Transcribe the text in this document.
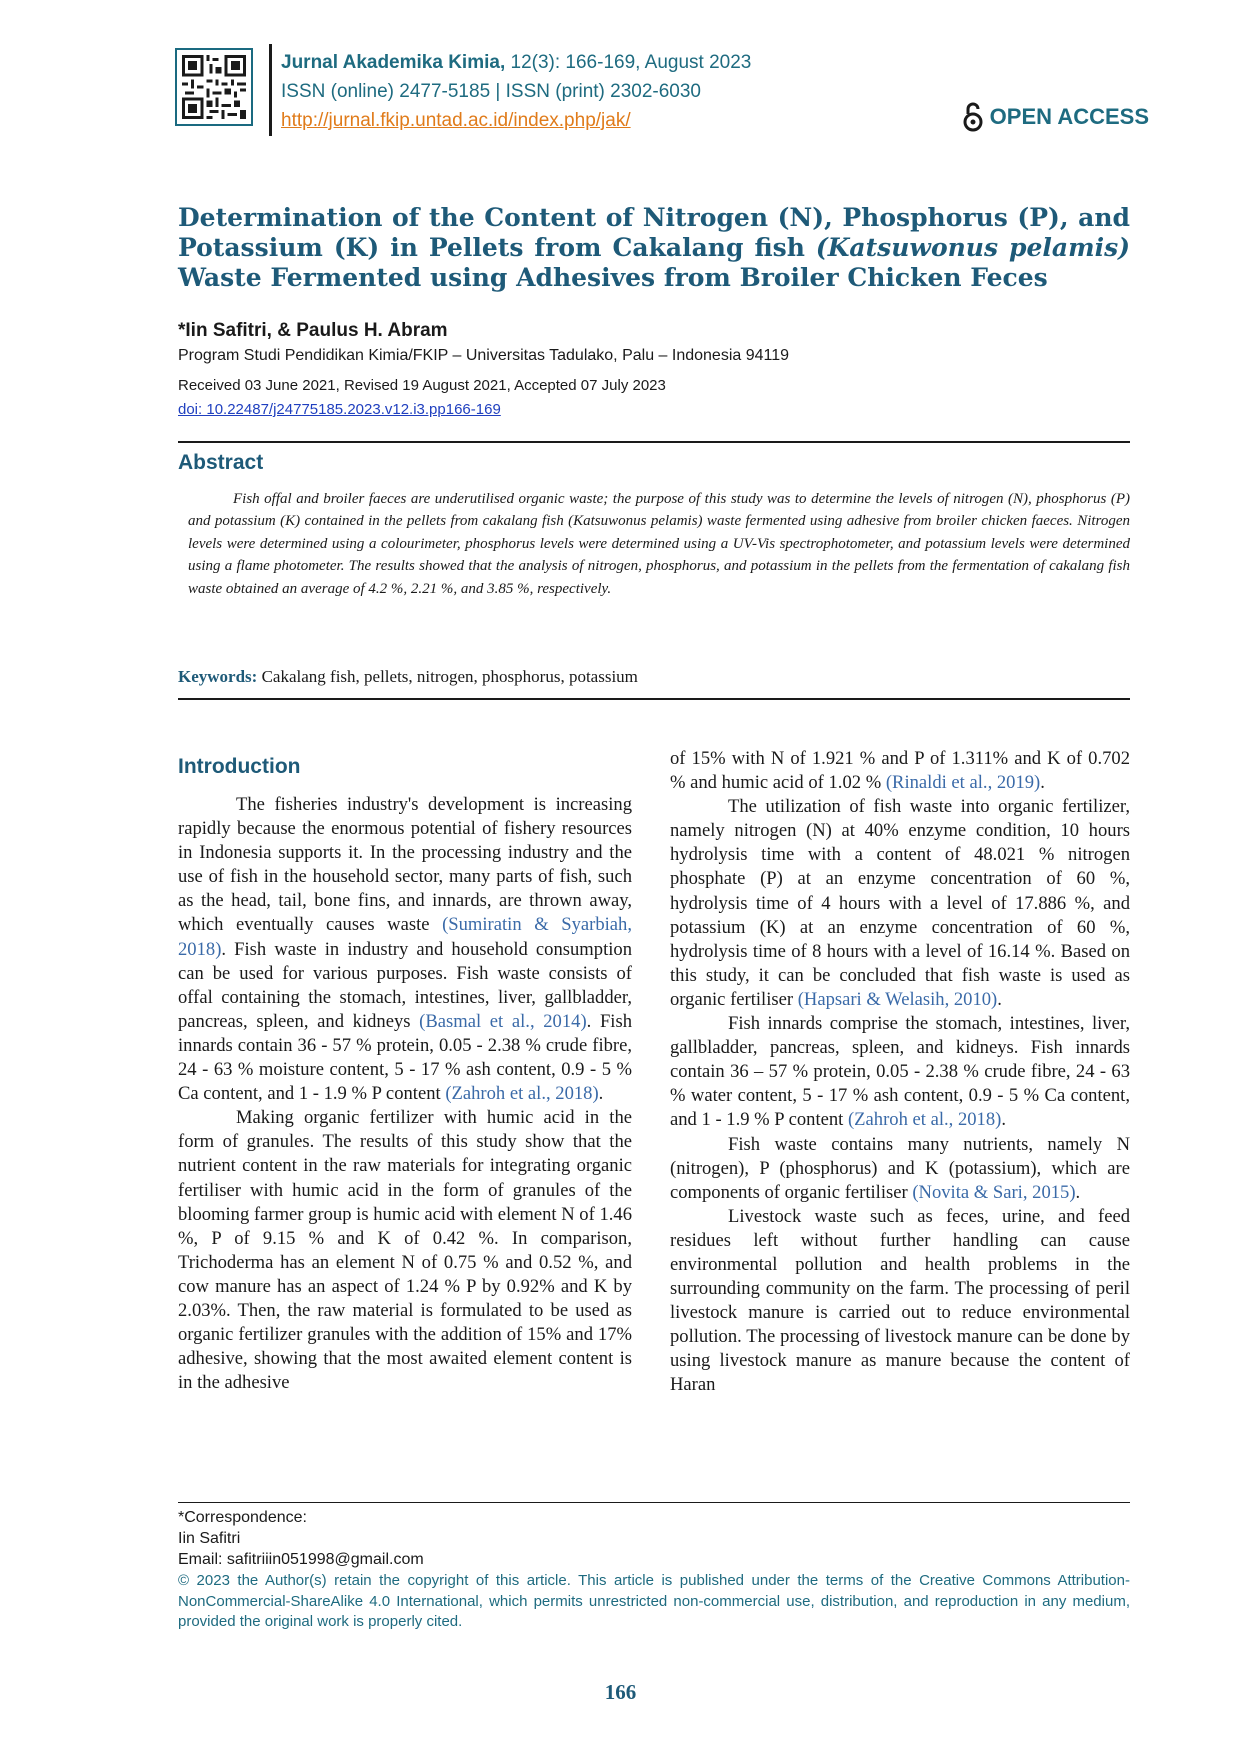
Jurnal Akademika Kimia, 12(3): 166-169, August 2023
ISSN (online) 2477-5185 | ISSN (print) 2302-6030
http://jurnal.fkip.untad.ac.id/index.php/jak/	OPEN ACCESS
Determination of the Content of Nitrogen (N), Phosphorus (P), and Potassium (K) in Pellets from Cakalang fish (Katsuwonus pelamis) Waste Fermented using Adhesives from Broiler Chicken Feces
*Iin Safitri, & Paulus H. Abram
Program Studi Pendidikan Kimia/FKIP – Universitas Tadulako, Palu – Indonesia 94119
Received 03 June 2021, Revised 19 August 2021, Accepted 07 July 2023
doi: 10.22487/j24775185.2023.v12.i3.pp166-169
Abstract
Fish offal and broiler faeces are underutilised organic waste; the purpose of this study was to determine the levels of nitrogen (N), phosphorus (P) and potassium (K) contained in the pellets from cakalang fish (Katsuwonus pelamis) waste fermented using adhesive from broiler chicken faeces. Nitrogen levels were determined using a colourimeter, phosphorus levels were determined using a UV-Vis spectrophotometer, and potassium levels were determined using a flame photometer. The results showed that the analysis of nitrogen, phosphorus, and potassium in the pellets from the fermentation of cakalang fish waste obtained an average of 4.2 %, 2.21 %, and 3.85 %, respectively.
Keywords: Cakalang fish, pellets, nitrogen, phosphorus, potassium
Introduction

The fisheries industry's development is increasing rapidly because the enormous potential of fishery resources in Indonesia supports it. In the processing industry and the use of fish in the household sector, many parts of fish, such as the head, tail, bone fins, and innards, are thrown away, which eventually causes waste (Sumiratin & Syarbiah, 2018). Fish waste in industry and household consumption can be used for various purposes. Fish waste consists of offal containing the stomach, intestines, liver, gallbladder, pancreas, spleen, and kidneys (Basmal et al., 2014). Fish innards contain 36 - 57 % protein, 0.05 - 2.38 % crude fibre, 24 - 63 % moisture content, 5 - 17 % ash content, 0.9 - 5 % Ca content, and 1 - 1.9 % P content (Zahroh et al., 2018).

Making organic fertilizer with humic acid in the form of granules. The results of this study show that the nutrient content in the raw materials for integrating organic fertiliser with humic acid in the form of granules of the blooming farmer group is humic acid with element N of 1.46 %, P of 9.15 % and K of 0.42 %. In comparison, Trichoderma has an element N of 0.75 % and 0.52 %, and cow manure has an aspect of 1.24 % P by 0.92% and K by 2.03%. Then, the raw material is formulated to be used as organic fertilizer granules with the addition of 15% and 17% adhesive, showing that the most awaited element content is in the adhesive

of 15% with N of 1.921 % and P of 1.311% and K of 0.702 % and humic acid of 1.02 % (Rinaldi et al., 2019).

The utilization of fish waste into organic fertilizer, namely nitrogen (N) at 40% enzyme condition, 10 hours hydrolysis time with a content of 48.021 % nitrogen phosphate (P) at an enzyme concentration of 60 %, hydrolysis time of 4 hours with a level of 17.886 %, and potassium (K) at an enzyme concentration of 60 %, hydrolysis time of 8 hours with a level of 16.14 %. Based on this study, it can be concluded that fish waste is used as organic fertiliser (Hapsari & Welasih, 2010).

Fish innards comprise the stomach, intestines, liver, gallbladder, pancreas, spleen, and kidneys. Fish innards contain 36 – 57 % protein, 0.05 - 2.38 % crude fibre, 24 - 63 % water content, 5 - 17 % ash content, 0.9 - 5 % Ca content, and 1 - 1.9 % P content (Zahroh et al., 2018).

Fish waste contains many nutrients, namely N (nitrogen), P (phosphorus) and K (potassium), which are components of organic fertiliser (Novita & Sari, 2015).

Livestock waste such as feces, urine, and feed residues left without further handling can cause environmental pollution and health problems in the surrounding community on the farm. The processing of peril livestock manure is carried out to reduce environmental pollution. The processing of livestock manure can be done by using livestock manure as manure because the content of Haran

*Correspondence:
Iin Safitri
Email: safitriiin051998@gmail.com
© 2023 the Author(s) retain the copyright of this article. This article is published under the terms of the Creative Commons Attribution-NonCommercial-ShareAlike 4.0 International, which permits unrestricted non-commercial use, distribution, and reproduction in any medium, provided the original work is properly cited.
166
